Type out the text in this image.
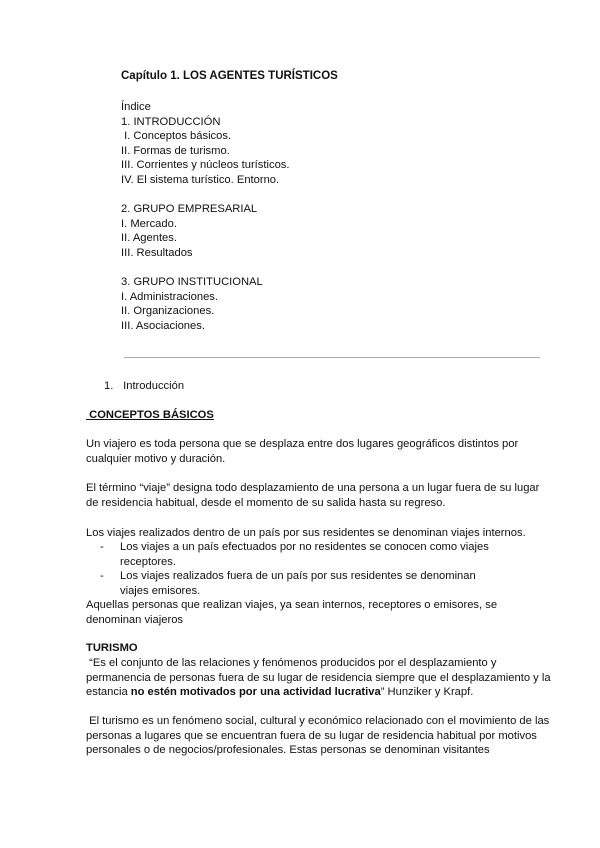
Capítulo 1. LOS AGENTES TURÍSTICOS
Índice
1. INTRODUCCIÓN
I. Conceptos básicos.
II. Formas de turismo.
III. Corrientes y núcleos turísticos.
IV. El sistema turístico. Entorno.
2. GRUPO EMPRESARIAL
I. Mercado.
II. Agentes.
III. Resultados
3. GRUPO INSTITUCIONAL
I. Administraciones.
II. Organizaciones.
III. Asociaciones.
1. Introducción
CONCEPTOS BÁSICOS
Un viajero es toda persona que se desplaza entre dos lugares geográficos distintos por cualquier motivo y duración.
El término “viaje” designa todo desplazamiento de una persona a un lugar fuera de su lugar de residencia habitual, desde el momento de su salida hasta su regreso.
Los viajes realizados dentro de un país por sus residentes se denominan viajes internos.
- Los viajes a un país efectuados por no residentes se conocen como viajes receptores.
- Los viajes realizados fuera de un país por sus residentes se denominan viajes emisores.
Aquellas personas que realizan viajes, ya sean internos, receptores o emisores, se denominan viajeros
TURISMO
“Es el conjunto de las relaciones y fenómenos producidos por el desplazamiento y permanencia de personas fuera de su lugar de residencia siempre que el desplazamiento y la estancia no estén motivados por una actividad lucrativa” Hunziker y Krapf.
El turismo es un fenómeno social, cultural y económico relacionado con el movimiento de las personas a lugares que se encuentran fuera de su lugar de residencia habitual por motivos personales o de negocios/profesionales. Estas personas se denominan visitantes
